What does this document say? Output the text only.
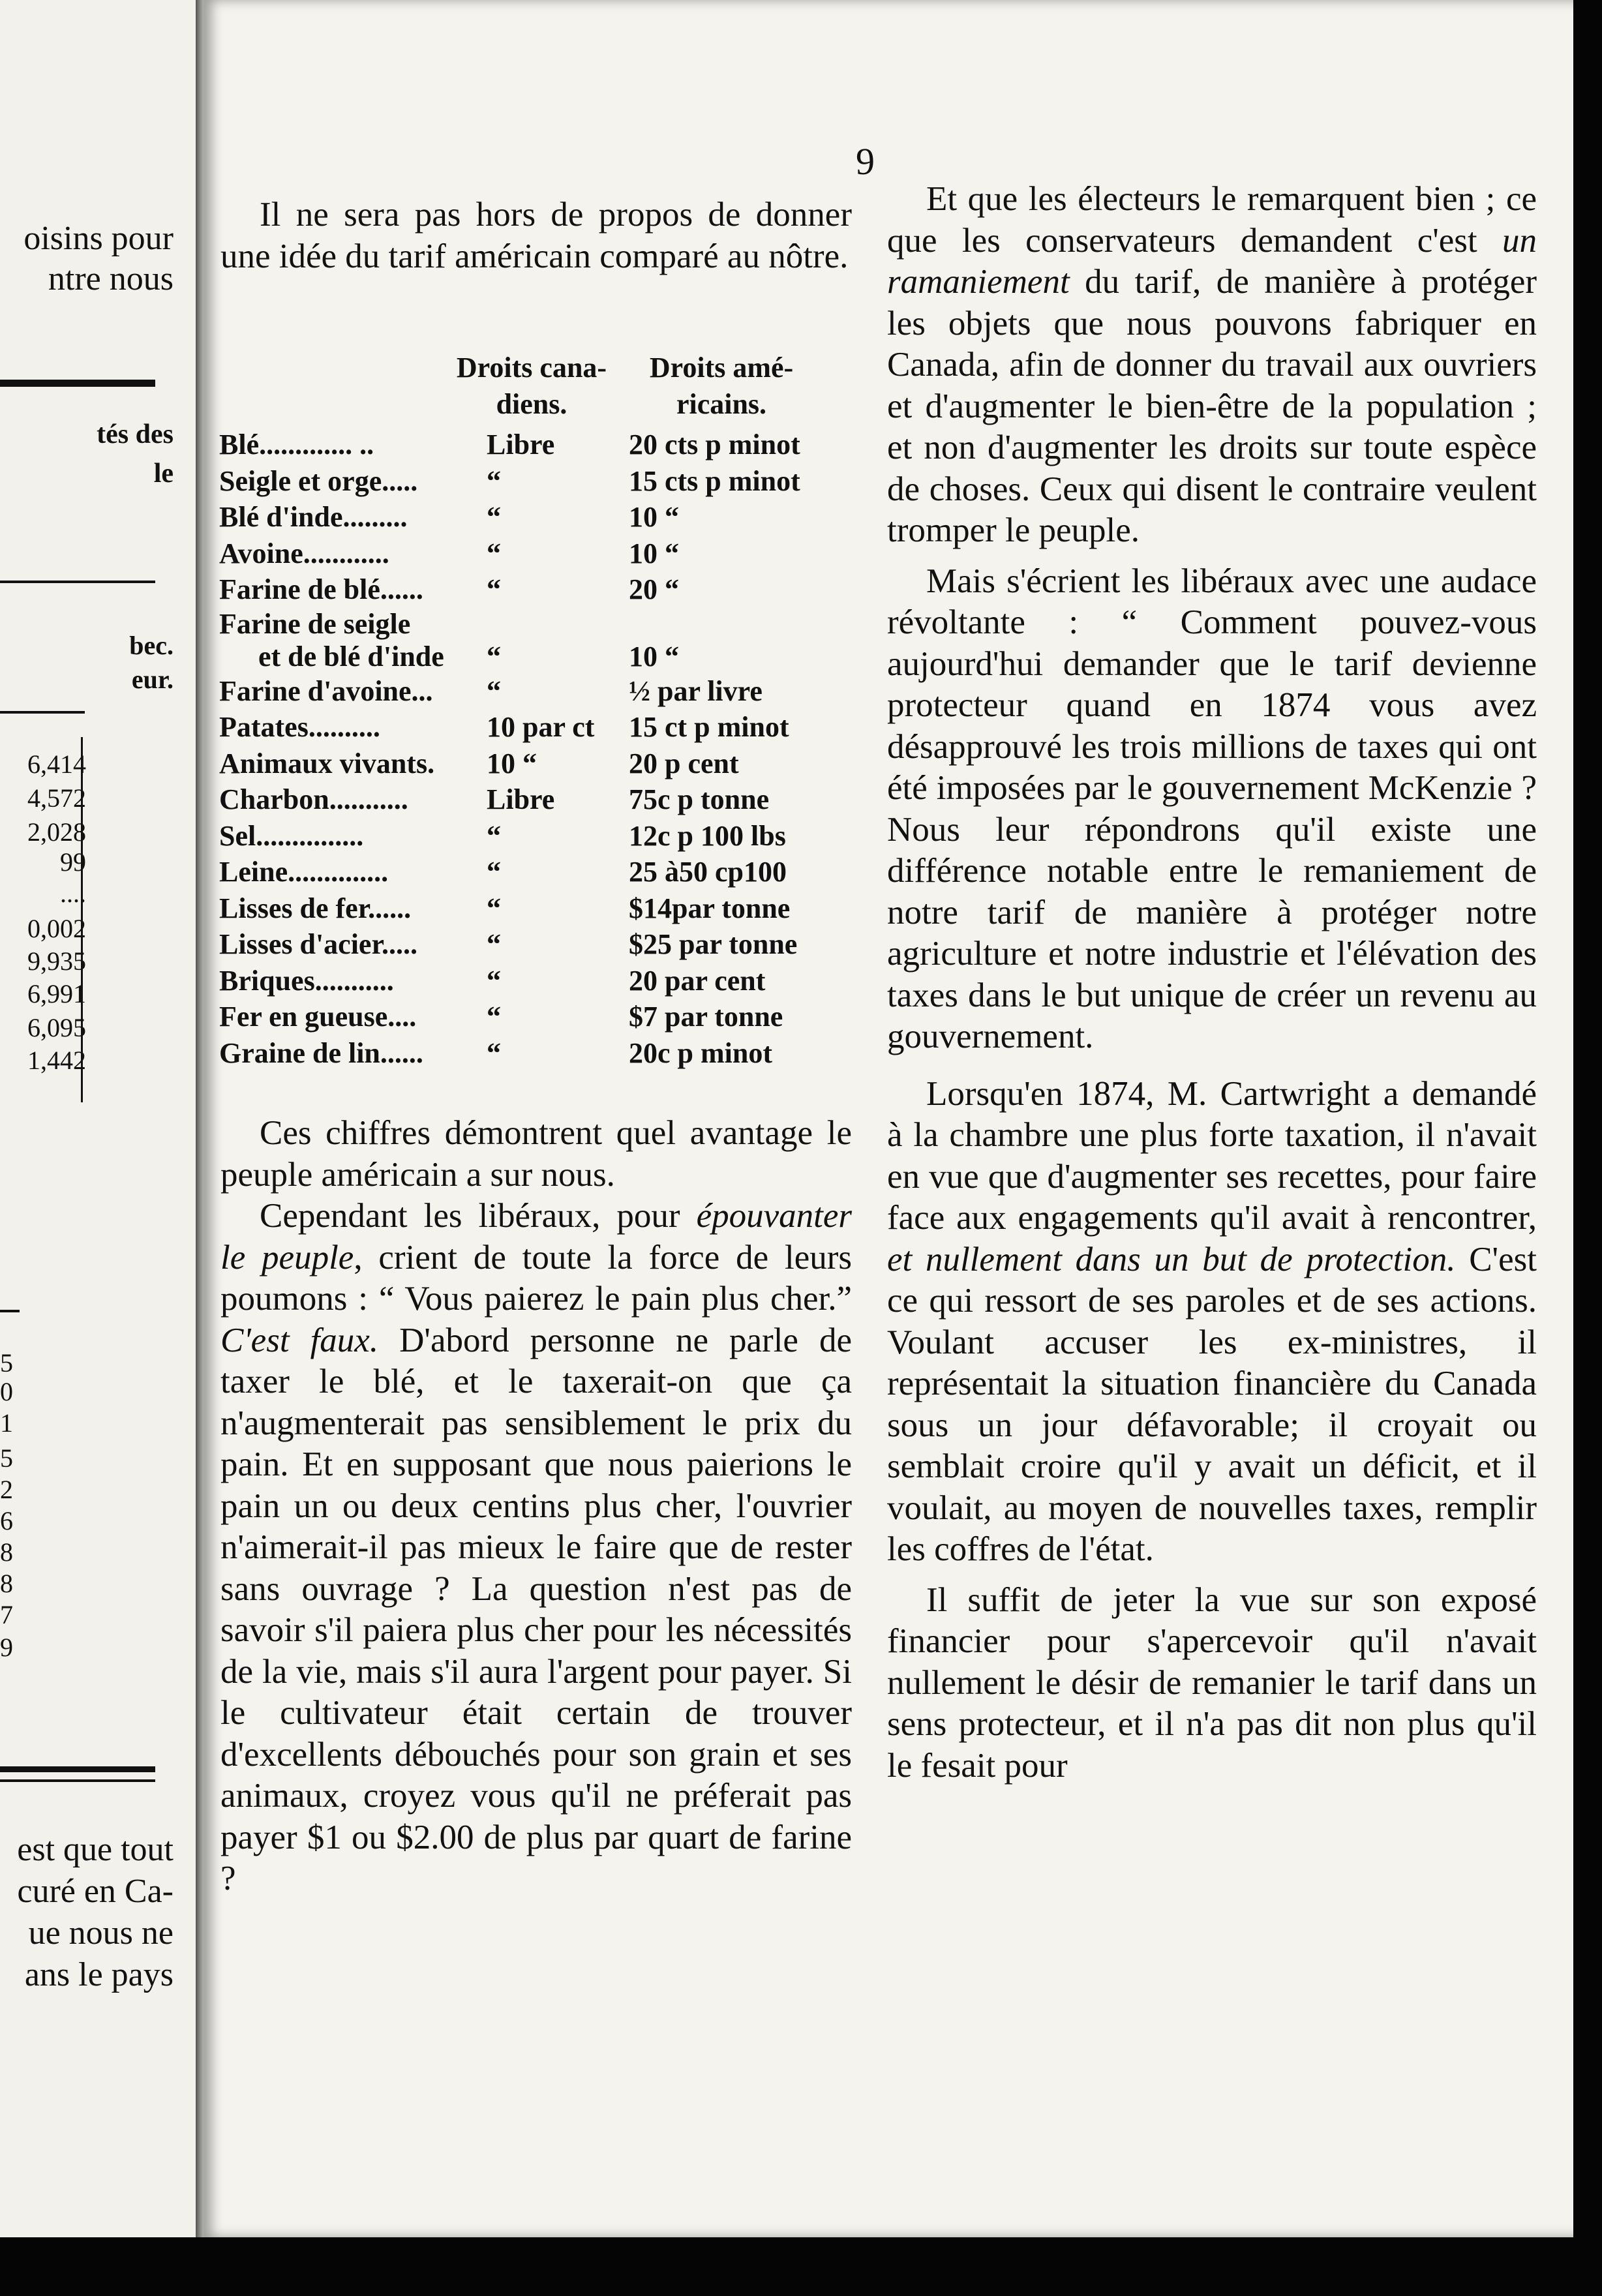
oisins pour
ntre nous
tés des
le
bec.
eur.
6,414
4,572
2,028
99
....
0,002
9,935
6,991
6,095
1,442
5
0
1
5
2
6
8
8
7
9
est que tout
curé en Ca-
ue nous ne
ans le pays
9

Il ne sera pas hors de propos de donner une idée du tarif américain comparé au nôtre.

Droits cana-
diens.
Droits amé-
ricains.
Blé............. ..	Libre	20 cts p minot
Seigle et orge.....	“	15 cts p minot
Blé d'inde.........	“	10 “
Avoine............	“	10 “
Farine de blé......	“	20 “
Farine de seigle
et de blé d'inde	“	10 “
Farine d'avoine...	“	½ par livre
Patates..........	10 par ct 15 ct p minot
Animaux vivants.	10 “	20 p cent
Charbon...........	Libre	75c p tonne
Sel...............	“	12c p 100 lbs
Leine..............	“	25 à50 cp100
Lisses de fer......	“	$14par tonne
Lisses d'acier.....	“	$25 par tonne
Briques...........	“	20 par cent
Fer en gueuse....	“	$7 par tonne
Graine de lin......	“	20c p minot

Ces chiffres démontrent quel avantage le peuple américain a sur nous.

Cependant les libéraux, pour épouvanter le peuple, crient de toute la force de leurs poumons : “ Vous paierez le pain plus cher.” C'est faux. D'abord personne ne parle de taxer le blé, et le taxerait-on que ça n'augmenterait pas sensiblement le prix du pain. Et en supposant que nous paierions le pain un ou deux centins plus cher, l'ouvrier n'aimerait-il pas mieux le faire que de rester sans ouvrage ? La question n'est pas de savoir s'il paiera plus cher pour les nécessités de la vie, mais s'il aura l'argent pour payer. Si le cultivateur était certain de trouver d'excellents débouchés pour son grain et ses animaux, croyez vous qu'il ne préferait pas payer $1 ou $2.00 de plus par quart de farine ?

Et que les électeurs le remarquent bien ; ce que les conservateurs demandent c'est un ramaniement du tarif, de manière à protéger les objets que nous pouvons fabriquer en Canada, afin de donner du travail aux ouvriers et d'augmenter le bien-être de la population ; et non d'augmenter les droits sur toute espèce de choses. Ceux qui disent le contraire veulent tromper le peuple.

Mais s'écrient les libéraux avec une audace révoltante : “ Comment pouvez-vous aujourd'hui demander que le tarif devienne protecteur quand en 1874 vous avez désapprouvé les trois millions de taxes qui ont été imposées par le gouvernement McKenzie ? Nous leur répondrons qu'il existe une différence notable entre le remaniement de notre tarif de manière à protéger notre agriculture et notre industrie et l'élévation des taxes dans le but unique de créer un revenu au gouvernement.

Lorsqu'en 1874, M. Cartwright a demandé à la chambre une plus forte taxation, il n'avait en vue que d'augmenter ses recettes, pour faire face aux engagements qu'il avait à rencontrer, et nullement dans un but de protection. C'est ce qui ressort de ses paroles et de ses actions. Voulant accuser les ex-ministres, il représentait la situation financière du Canada sous un jour défavorable; il croyait ou semblait croire qu'il y avait un déficit, et il voulait, au moyen de nouvelles taxes, remplir les coffres de l'état.

Il suffit de jeter la vue sur son exposé financier pour s'apercevoir qu'il n'avait nullement le désir de remanier le tarif dans un sens protecteur, et il n'a pas dit non plus qu'il le fesait pour
